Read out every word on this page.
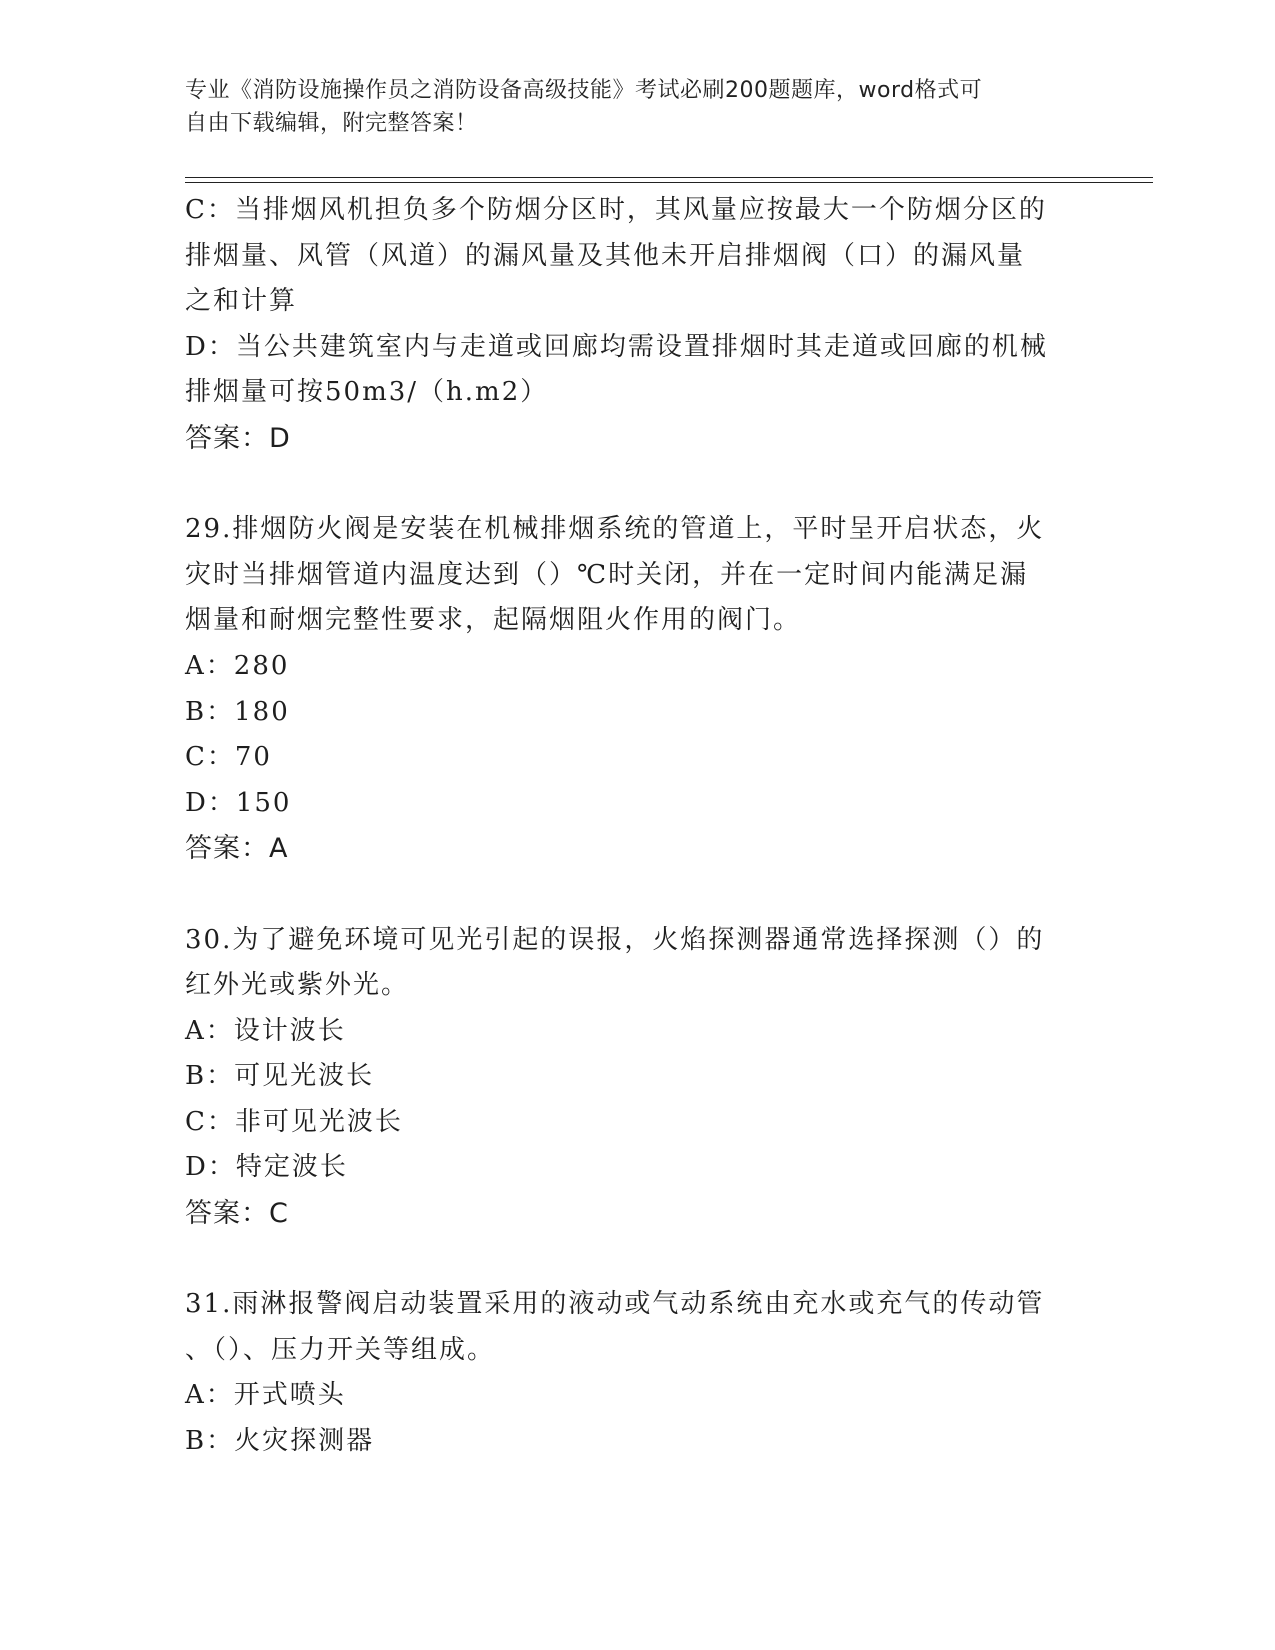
专业《消防设施操作员之消防设备高级技能》考试必刷200题题库，word格式可
自由下载编辑，附完整答案！
C：当排烟风机担负多个防烟分区时，其风量应按最大一个防烟分区的
排烟量、风管（风道）的漏风量及其他未开启排烟阀（口）的漏风量
之和计算
D：当公共建筑室内与走道或回廊均需设置排烟时其走道或回廊的机械
排烟量可按50m3/（h.m2）
答案：D
29.排烟防火阀是安装在机械排烟系统的管道上，平时呈开启状态，火
灾时当排烟管道内温度达到（）℃时关闭，并在一定时间内能满足漏
烟量和耐烟完整性要求，起隔烟阻火作用的阀门。
A：280
B：180
C：70
D：150
答案：A
30.为了避免环境可见光引起的误报，火焰探测器通常选择探测（）的
红外光或紫外光。
A：设计波长
B：可见光波长
C：非可见光波长
D：特定波长
答案：C
31.雨淋报警阀启动装置采用的液动或气动系统由充水或充气的传动管
、（）、压力开关等组成。
A：开式喷头
B：火灾探测器
